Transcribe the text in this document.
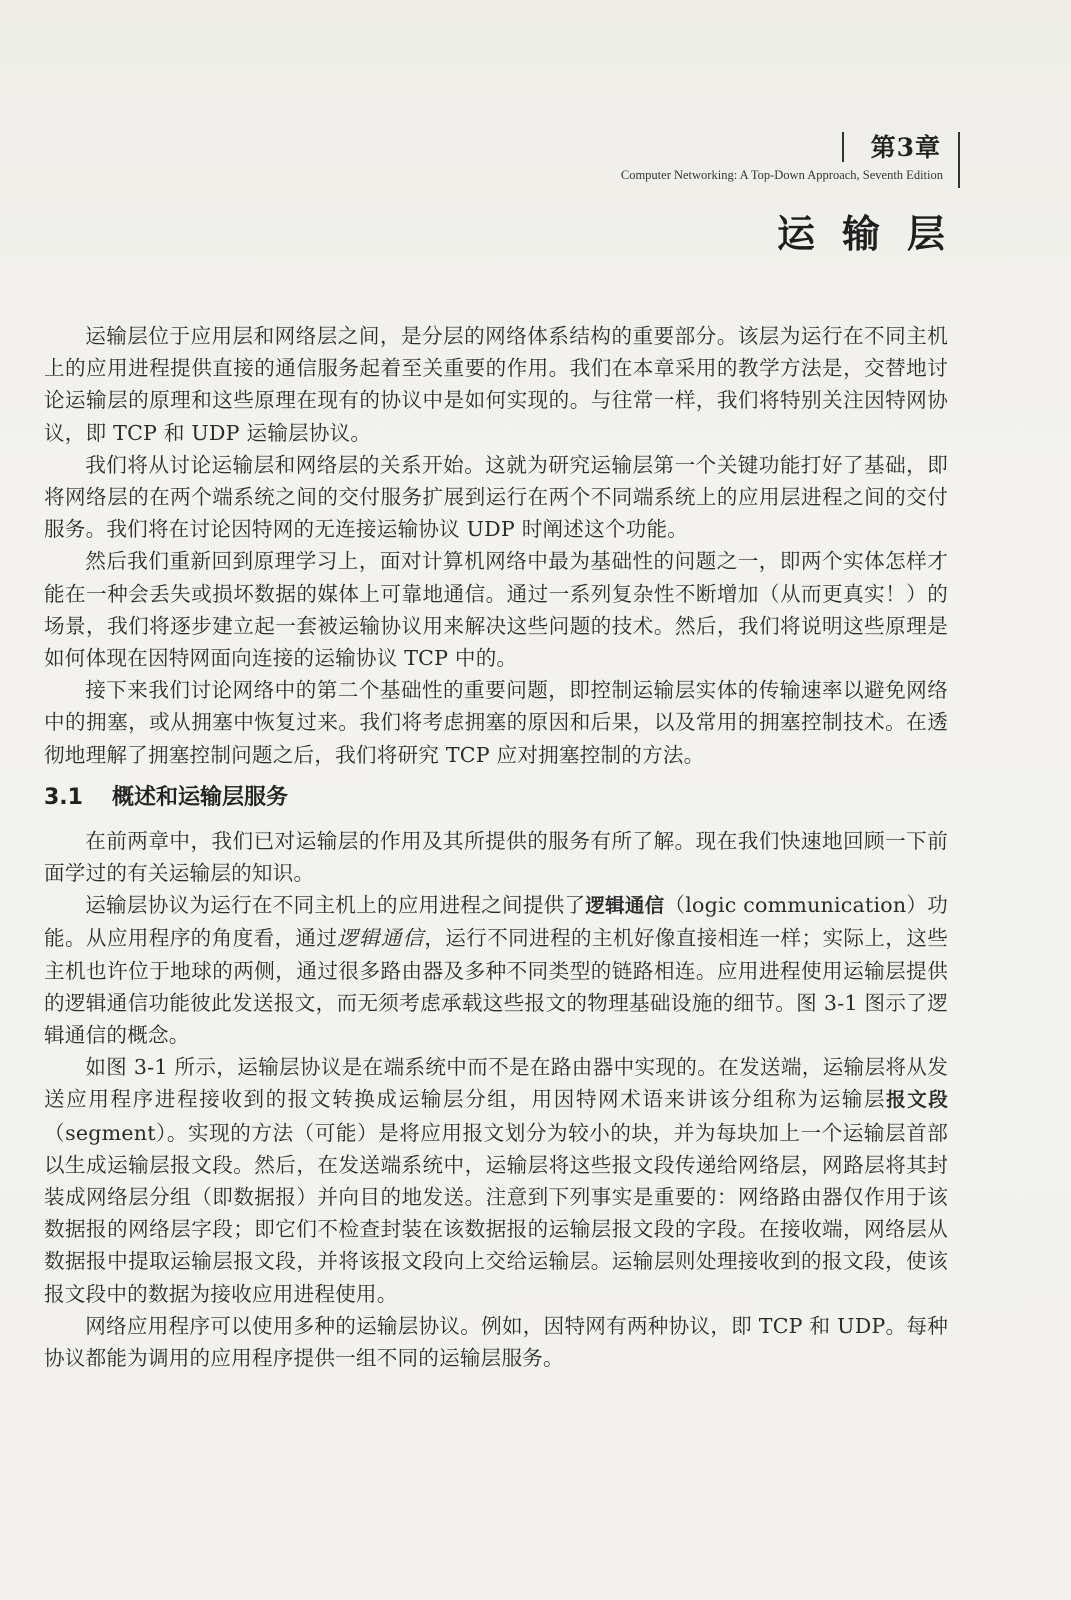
第3章
Computer Networking: A Top-Down Approach, Seventh Edition
运输层

运输层位于应用层和网络层之间，是分层的网络体系结构的重要部分。该层为运行在不同主机上的应用进程提供直接的通信服务起着至关重要的作用。我们在本章采用的教学方法是，交替地讨论运输层的原理和这些原理在现有的协议中是如何实现的。与往常一样，我们将特别关注因特网协议，即 TCP 和 UDP 运输层协议。

我们将从讨论运输层和网络层的关系开始。这就为研究运输层第一个关键功能打好了基础，即将网络层的在两个端系统之间的交付服务扩展到运行在两个不同端系统上的应用层进程之间的交付服务。我们将在讨论因特网的无连接运输协议 UDP 时阐述这个功能。

然后我们重新回到原理学习上，面对计算机网络中最为基础性的问题之一，即两个实体怎样才能在一种会丢失或损坏数据的媒体上可靠地通信。通过一系列复杂性不断增加（从而更真实！）的场景，我们将逐步建立起一套被运输协议用来解决这些问题的技术。然后，我们将说明这些原理是如何体现在因特网面向连接的运输协议 TCP 中的。

接下来我们讨论网络中的第二个基础性的重要问题，即控制运输层实体的传输速率以避免网络中的拥塞，或从拥塞中恢复过来。我们将考虑拥塞的原因和后果，以及常用的拥塞控制技术。在透彻地理解了拥塞控制问题之后，我们将研究 TCP 应对拥塞控制的方法。

3.1 概述和运输层服务

在前两章中，我们已对运输层的作用及其所提供的服务有所了解。现在我们快速地回顾一下前面学过的有关运输层的知识。

运输层协议为运行在不同主机上的应用进程之间提供了逻辑通信（logic communication）功能。从应用程序的角度看，通过逻辑通信，运行不同进程的主机好像直接相连一样；实际上，这些主机也许位于地球的两侧，通过很多路由器及多种不同类型的链路相连。应用进程使用运输层提供的逻辑通信功能彼此发送报文，而无须考虑承载这些报文的物理基础设施的细节。图 3-1 图示了逻辑通信的概念。

如图 3-1 所示，运输层协议是在端系统中而不是在路由器中实现的。在发送端，运输层将从发送应用程序进程接收到的报文转换成运输层分组，用因特网术语来讲该分组称为运输层报文段（segment）。实现的方法（可能）是将应用报文划分为较小的块，并为每块加上一个运输层首部以生成运输层报文段。然后，在发送端系统中，运输层将这些报文段传递给网络层，网路层将其封装成网络层分组（即数据报）并向目的地发送。注意到下列事实是重要的：网络路由器仅作用于该数据报的网络层字段；即它们不检查封装在该数据报的运输层报文段的字段。在接收端，网络层从数据报中提取运输层报文段，并将该报文段向上交给运输层。运输层则处理接收到的报文段，使该报文段中的数据为接收应用进程使用。

网络应用程序可以使用多种的运输层协议。例如，因特网有两种协议，即 TCP 和 UDP。每种协议都能为调用的应用程序提供一组不同的运输层服务。
